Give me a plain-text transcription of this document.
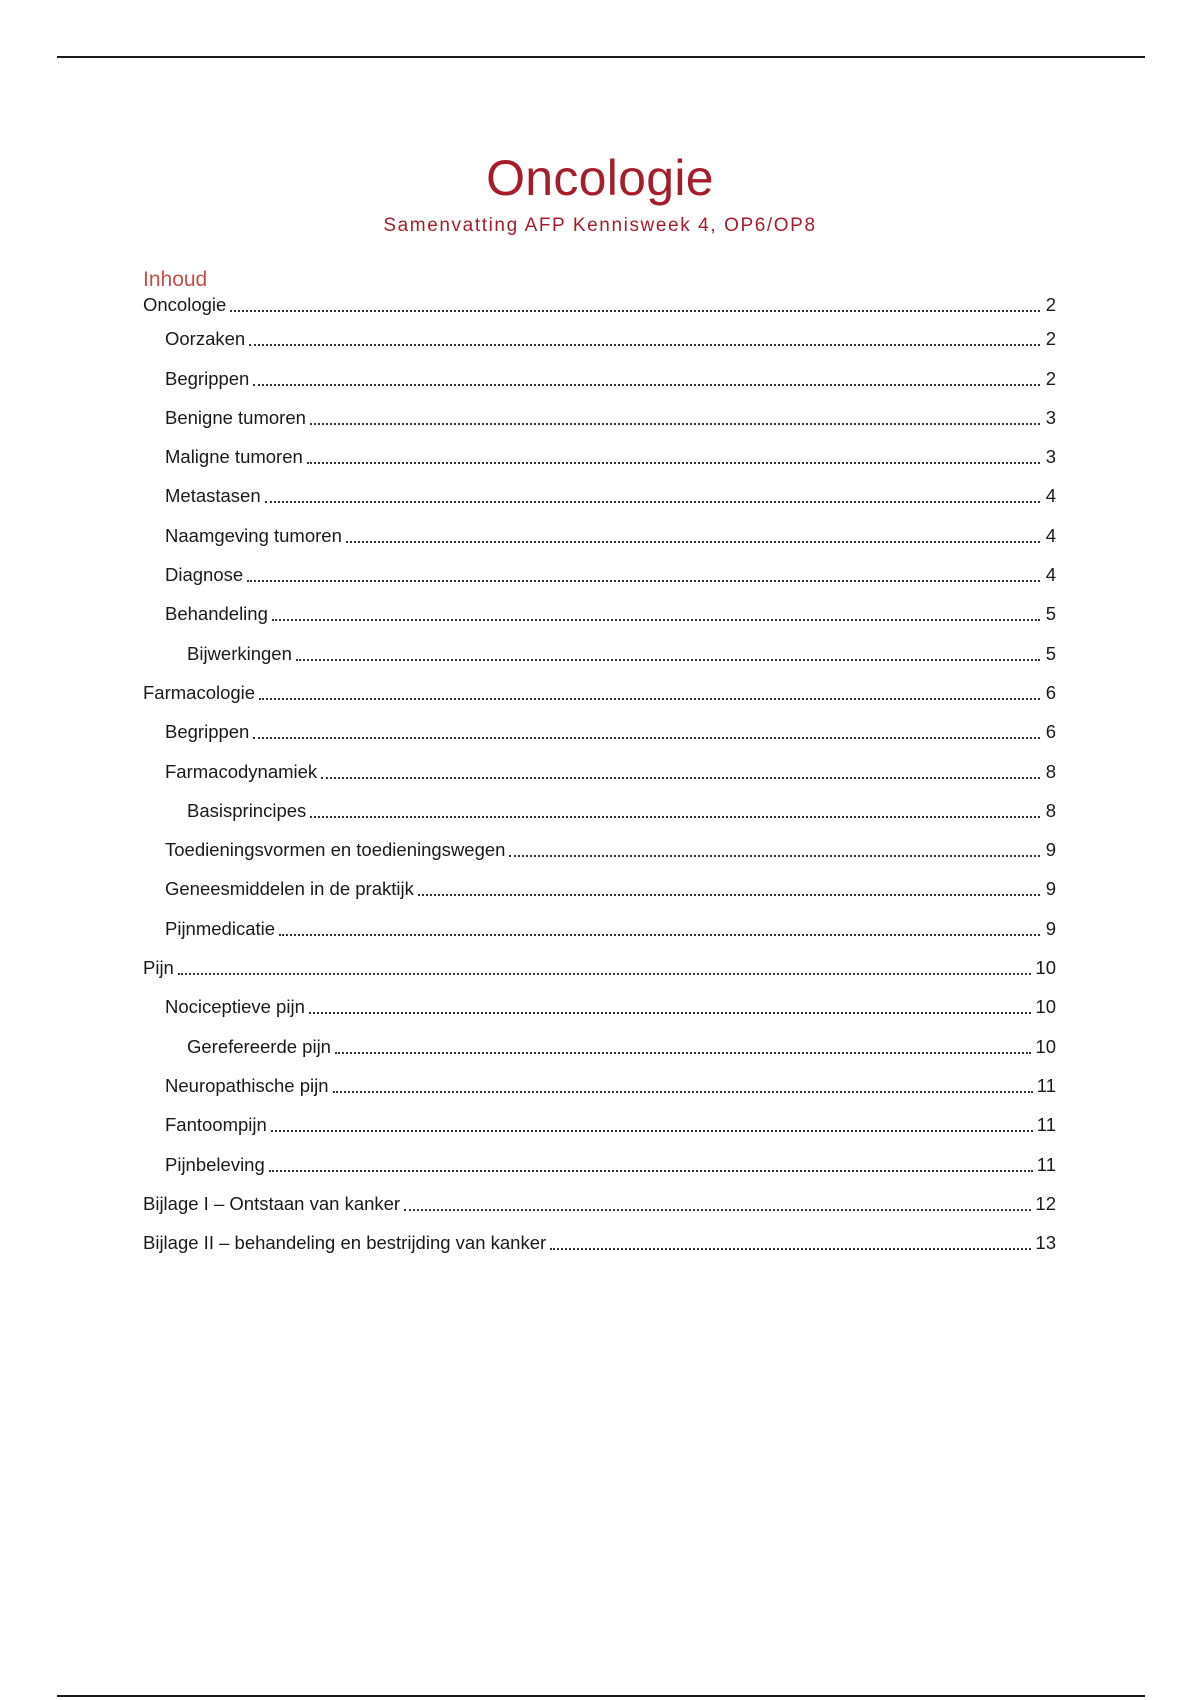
Oncologie
Samenvatting AFP Kennisweek 4, OP6/OP8
Inhoud
Oncologie	2
Oorzaken	2
Begrippen	2
Benigne tumoren	3
Maligne tumoren	3
Metastasen	4
Naamgeving tumoren	4
Diagnose	4
Behandeling	5
Bijwerkingen	5
Farmacologie	6
Begrippen	6
Farmacodynamiek	8
Basisprincipes	8
Toedieningsvormen en toedieningswegen	9
Geneesmiddelen in de praktijk	9
Pijnmedicatie	9
Pijn	10
Nociceptieve pijn	10
Gerefereerde pijn	10
Neuropathische pijn	11
Fantoompijn	11
Pijnbeleving	11
Bijlage I – Ontstaan van kanker	12
Bijlage II – behandeling en bestrijding van kanker	13
